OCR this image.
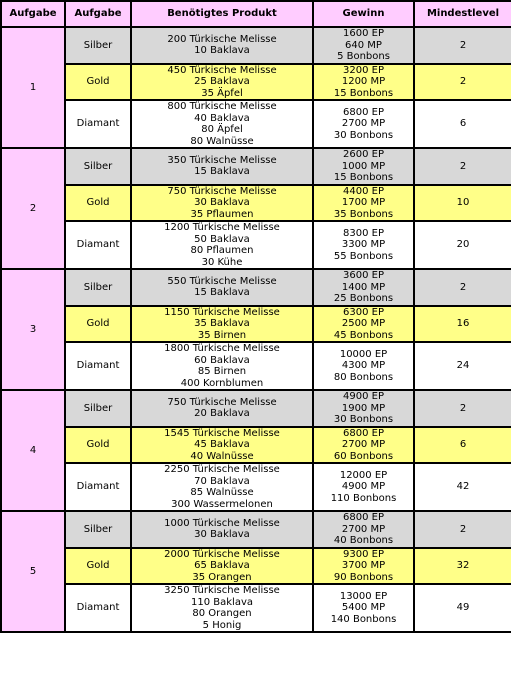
Aufgabe	Aufgabe	Benötigtes Produkt	Gewinn	Mindestlevel
1	Silber	200 Türkische Melisse
10 Baklava	1600 EP
640 MP
5 Bonbons	2
	Gold	450 Türkische Melisse
25 Baklava
35 Äpfel	3200 EP
1200 MP
15 Bonbons	2
	Diamant	800 Türkische Melisse
40 Baklava
80 Äpfel
80 Walnüsse	6800 EP
2700 MP
30 Bonbons	6
2	Silber	350 Türkische Melisse
15 Baklava	2600 EP
1000 MP
15 Bonbons	2
	Gold	750 Türkische Melisse
30 Baklava
35 Pflaumen	4400 EP
1700 MP
35 Bonbons	10
	Diamant	1200 Türkische Melisse
50 Baklava
80 Pflaumen
30 Kühe	8300 EP
3300 MP
55 Bonbons	20
3	Silber	550 Türkische Melisse
15 Baklava	3600 EP
1400 MP
25 Bonbons	2
	Gold	1150 Türkische Melisse
35 Baklava
35 Birnen	6300 EP
2500 MP
45 Bonbons	16
	Diamant	1800 Türkische Melisse
60 Baklava
85 Birnen
400 Kornblumen	10000 EP
4300 MP
80 Bonbons	24
4	Silber	750 Türkische Melisse
20 Baklava	4900 EP
1900 MP
30 Bonbons	2
	Gold	1545 Türkische Melisse
45 Baklava
40 Walnüsse	6800 EP
2700 MP
60 Bonbons	6
	Diamant	2250 Türkische Melisse
70 Baklava
85 Walnüsse
300 Wassermelonen	12000 EP
4900 MP
110 Bonbons	42
5	Silber	1000 Türkische Melisse
30 Baklava	6800 EP
2700 MP
40 Bonbons	2
	Gold	2000 Türkische Melisse
65 Baklava
35 Orangen	9300 EP
3700 MP
90 Bonbons	32
	Diamant	3250 Türkische Melisse
110 Baklava
80 Orangen
5 Honig	13000 EP
5400 MP
140 Bonbons	49
